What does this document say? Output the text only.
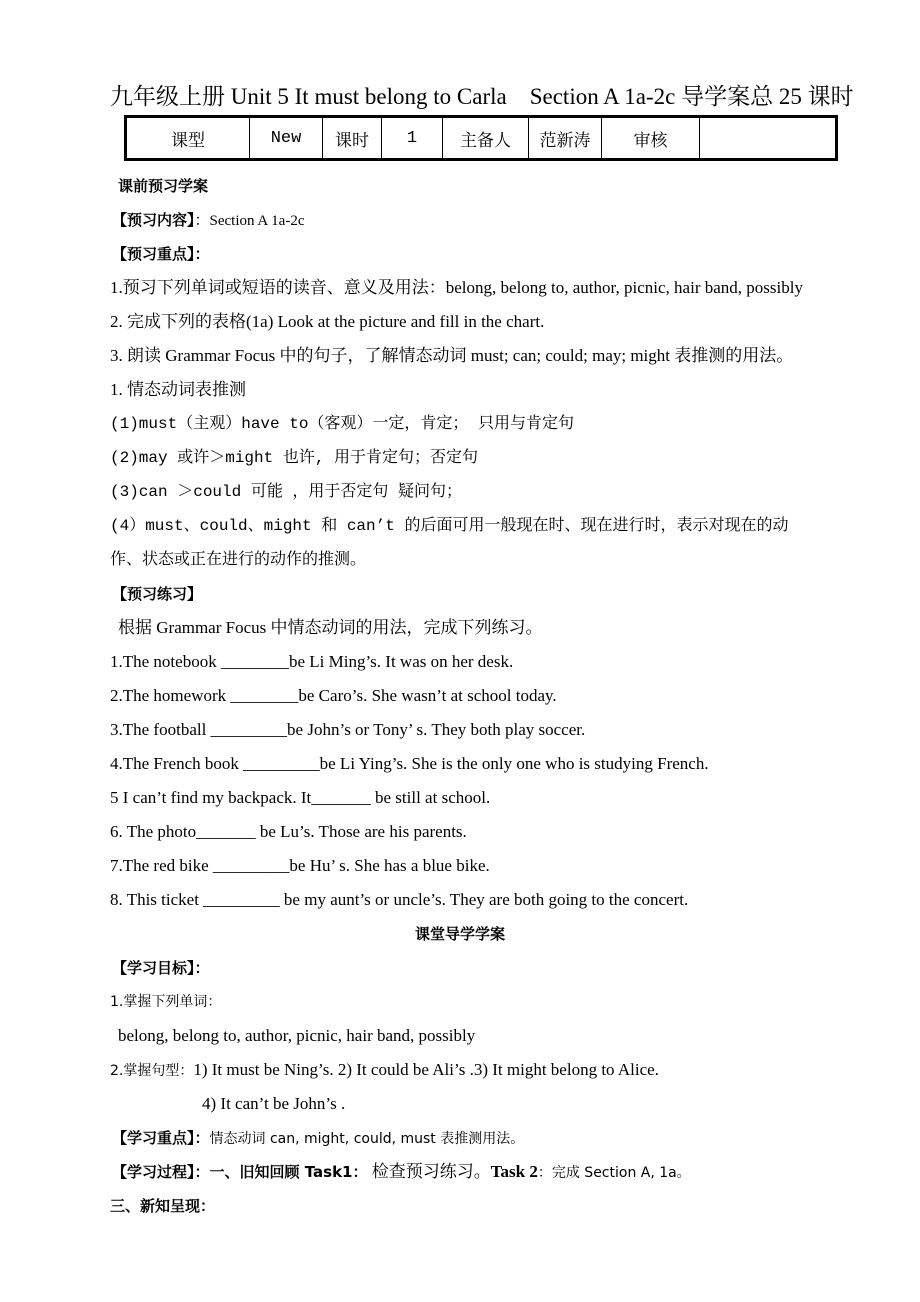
九年级上册 Unit 5 It must belong to Carla　Section A 1a-2c 导学案总 25 课时
课型	New	课时	1	主备人	范新涛	审核	
课前预习学案
【预习内容】：Section A 1a-2c
【预习重点】：
1.预习下列单词或短语的读音、意义及用法：belong, belong to, author, picnic, hair band, possibly
2. 完成下列的表格(1a) Look at the picture and fill in the chart.
3. 朗读 Grammar Focus 中的句子，了解情态动词 must; can; could; may; might 表推测的用法。
1. 情态动词表推测
(1)must（主观）have to（客观）一定，肯定； 只用与肯定句
(2)may 或许＞might 也许, 用于肯定句；否定句
(3)can ＞could 可能 ，用于否定句 疑问句；
(4）must、could、might 和 can’t 的后面可用一般现在时、现在进行时，表示对现在的动
作、状态或正在进行的动作的推测。
【预习练习】
根据 Grammar Focus 中情态动词的用法，完成下列练习。
1.The notebook ________be Li Ming’s. It was on her desk.
2.The homework ________be Caro’s. She wasn’t at school today.
3.The football _________be John’s or Tony’ s. They both play soccer.
4.The French book _________be Li Ying’s. She is the only one who is studying French.
5 I can’t find my backpack. It_______ be still at school.
6. The photo_______ be Lu’s. Those are his parents.
7.The red bike _________be Hu’ s. She has a blue bike.
8. This ticket _________ be my aunt’s or uncle’s. They are both going to the concert.
课堂导学学案
【学习目标】：
1.掌握下列单词：
belong, belong to, author, picnic, hair band, possibly
2.掌握句型：1) It must be Ning’s. 2) It could be Ali’s .3) It might belong to Alice.
4) It can’t be John’s .
【学习重点】：情态动词 can, might, could, must 表推测用法。
【学习过程】：一、旧知回顾 Task1： 检查预习练习。Task 2：完成 Section A, 1a。
三、新知呈现：
